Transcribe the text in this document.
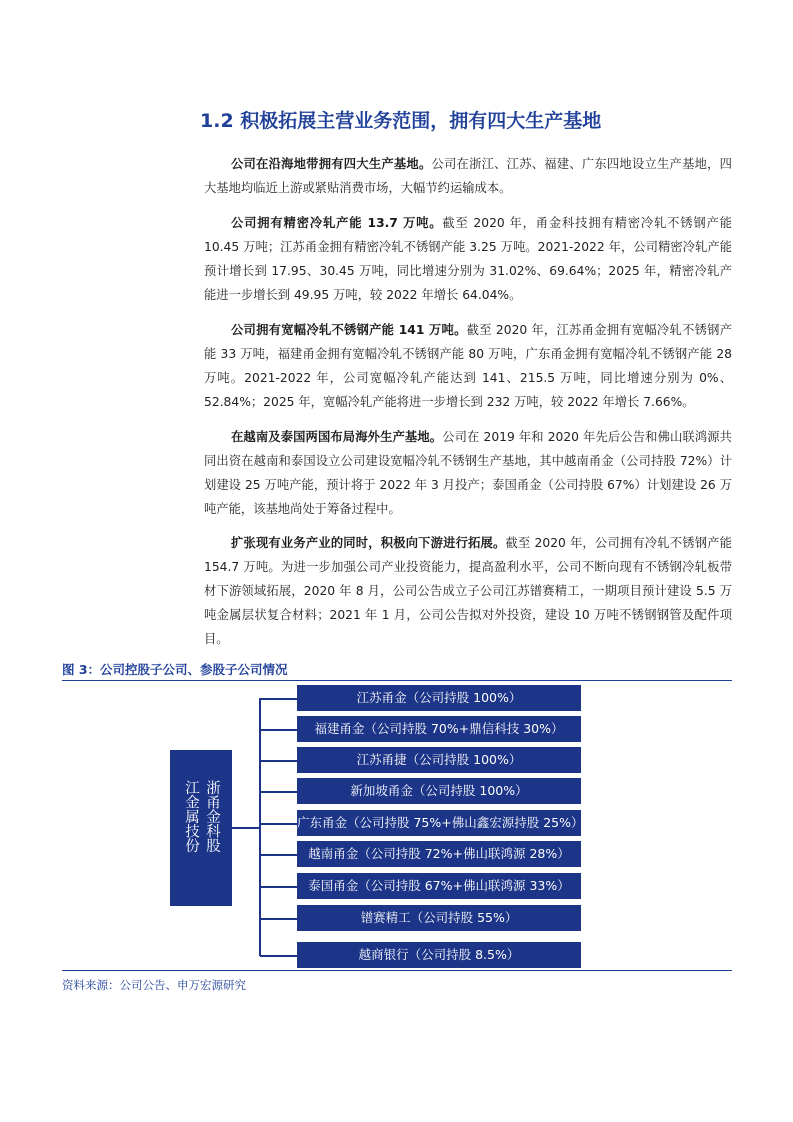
1.2 积极拓展主营业务范围，拥有四大生产基地
公司在沿海地带拥有四大生产基地。公司在浙江、江苏、福建、广东四地设立生产基地，四大基地均临近上游或紧贴消费市场，大幅节约运输成本。
公司拥有精密冷轧产能 13.7 万吨。截至 2020 年，甬金科技拥有精密冷轧不锈钢产能 10.45 万吨；江苏甬金拥有精密冷轧不锈钢产能 3.25 万吨。2021-2022 年，公司精密冷轧产能预计增长到 17.95、30.45 万吨，同比增速分别为 31.02%、69.64%；2025 年，精密冷轧产能进一步增长到 49.95 万吨，较 2022 年增长 64.04%。
公司拥有宽幅冷轧不锈钢产能 141 万吨。截至 2020 年，江苏甬金拥有宽幅冷轧不锈钢产能 33 万吨，福建甬金拥有宽幅冷轧不锈钢产能 80 万吨，广东甬金拥有宽幅冷轧不锈钢产能 28 万吨。2021-2022 年，公司宽幅冷轧产能达到 141、215.5 万吨，同比增速分别为 0%、52.84%；2025 年，宽幅冷轧产能将进一步增长到 232 万吨，较 2022 年增长 7.66%。
在越南及泰国两国布局海外生产基地。公司在 2019 年和 2020 年先后公告和佛山联鸿源共同出资在越南和泰国设立公司建设宽幅冷轧不锈钢生产基地，其中越南甬金（公司持股 72%）计划建设 25 万吨产能，预计将于 2022 年 3 月投产；泰国甬金（公司持股 67%）计划建设 26 万吨产能，该基地尚处于筹备过程中。
扩张现有业务产业的同时，积极向下游进行拓展。截至 2020 年，公司拥有冷轧不锈钢产能 154.7 万吨。为进一步加强公司产业投资能力，提高盈利水平，公司不断向现有不锈钢冷轧板带材下游领域拓展，2020 年 8 月，公司公告成立子公司江苏镨赛精工，一期项目预计建设 5.5 万吨金属层状复合材料；2021 年 1 月，公司公告拟对外投资，建设 10 万吨不锈钢钢管及配件项目。
图 3：公司控股子公司、参股子公司情况
浙甬金科股
江金属技份
江苏甬金（公司持股 100%）
福建甬金（公司持股 70%+鼎信科技 30%）
江苏甬捷（公司持股 100%）
新加坡甬金（公司持股 100%）
广东甬金（公司持股 75%+佛山鑫宏源持股 25%）
越南甬金（公司持股 72%+佛山联鸿源 28%）
泰国甬金（公司持股 67%+佛山联鸿源 33%）
镨赛精工（公司持股 55%）
越商银行（公司持股 8.5%）
资料来源：公司公告、申万宏源研究
